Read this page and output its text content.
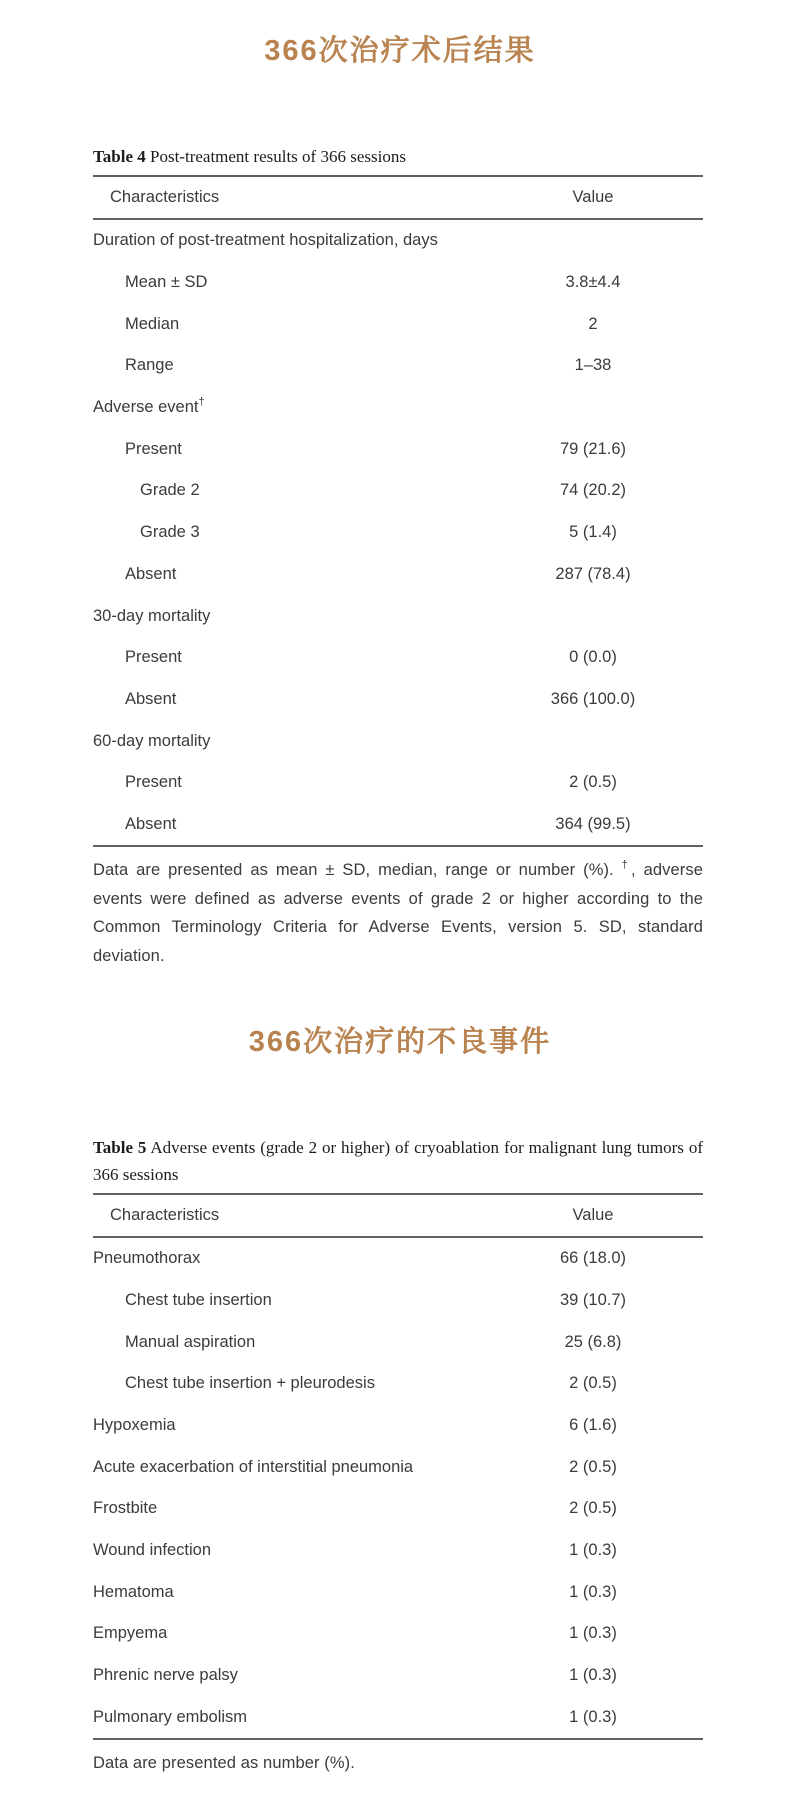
366次治疗术后结果

Table 4 Post-treatment results of 366 sessions

Characteristics	Value
Duration of post-treatment hospitalization, days	
Mean ± SD	3.8±4.4
Median	2
Range	1–38
Adverse event†	
Present	79 (21.6)
Grade 2	74 (20.2)
Grade 3	5 (1.4)
Absent	287 (78.4)
30-day mortality	
Present	0 (0.0)
Absent	366 (100.0)
60-day mortality	
Present	2 (0.5)
Absent	364 (99.5)

Data are presented as mean ± SD, median, range or number (%). †, adverse events were defined as adverse events of grade 2 or higher according to the Common Terminology Criteria for Adverse Events, version 5. SD, standard deviation.

366次治疗的不良事件

Table 5 Adverse events (grade 2 or higher) of cryoablation for malignant lung tumors of 366 sessions

Characteristics	Value
Pneumothorax	66 (18.0)
Chest tube insertion	39 (10.7)
Manual aspiration	25 (6.8)
Chest tube insertion + pleurodesis	2 (0.5)
Hypoxemia	6 (1.6)
Acute exacerbation of interstitial pneumonia	2 (0.5)
Frostbite	2 (0.5)
Wound infection	1 (0.3)
Hematoma	1 (0.3)
Empyema	1 (0.3)
Phrenic nerve palsy	1 (0.3)
Pulmonary embolism	1 (0.3)

Data are presented as number (%).
